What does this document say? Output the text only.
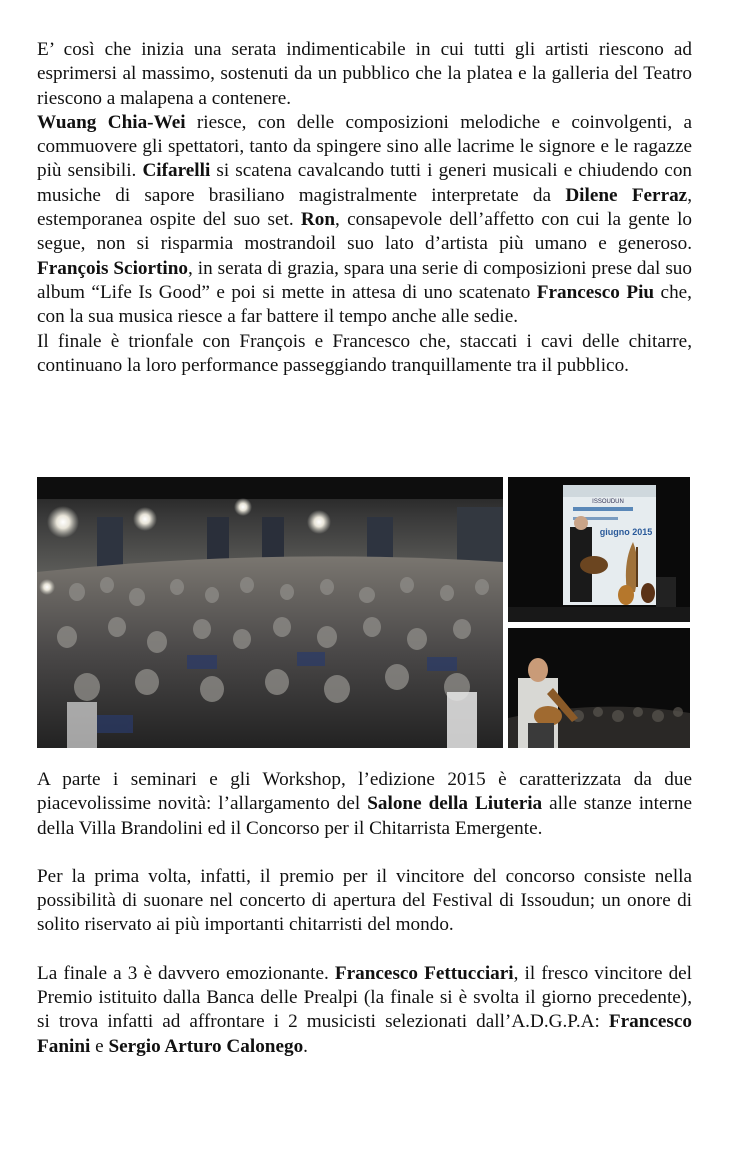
E’ così che inizia una serata indimenticabile in cui tutti gli artisti riescono ad esprimersi al massimo, sostenuti da un pubblico che la platea e la galleria del Teatro riescono a malapena a contenere.

Wuang Chia-Wei riesce, con delle composizioni melodiche e coinvolgenti, a commuovere gli spettatori, tanto da spingere sino alle lacrime le signore e le ragazze più sensibili. Cifarelli si scatena cavalcando tutti i generi musicali e chiudendo con musiche di sapore brasiliano magistralmente interpretate da Dilene Ferraz, estemporanea ospite del suo set. Ron, consapevole dell’affetto con cui la gente lo segue, non si risparmia mostrandoil suo lato d’artista più umano e generoso. François Sciortino, in serata di grazia, spara una serie di composizioni prese dal suo album “Life Is Good” e poi si mette in attesa di uno scatenato Francesco Piu che, con la sua musica riesce a far battere il tempo anche alle sedie.

Il finale è trionfale con François e Francesco che, staccati i cavi delle chitarre, continuano la loro performance passeggiando tranquillamente tra il pubblico.

ISSOUDUN
giugno 2015

A parte i seminari e gli Workshop, l’edizione 2015 è caratterizzata da due piacevolissime novità: l’allargamento del Salone della Liuteria alle stanze interne della Villa Brandolini ed il Concorso per il Chitarrista Emergente.

Per la prima volta, infatti, il premio per il vincitore del concorso consiste nella possibilità di suonare nel concerto di apertura del Festival di Issoudun; un onore di solito riservato ai più importanti chitarristi del mondo.

La finale a 3 è davvero emozionante. Francesco Fettucciari, il fresco vincitore del Premio istituito dalla Banca delle Prealpi (la finale si è svolta il giorno precedente), si trova infatti ad affrontare i 2 musicisti selezionati dall’A.D.G.P.A: Francesco Fanini e Sergio Arturo Calonego.
